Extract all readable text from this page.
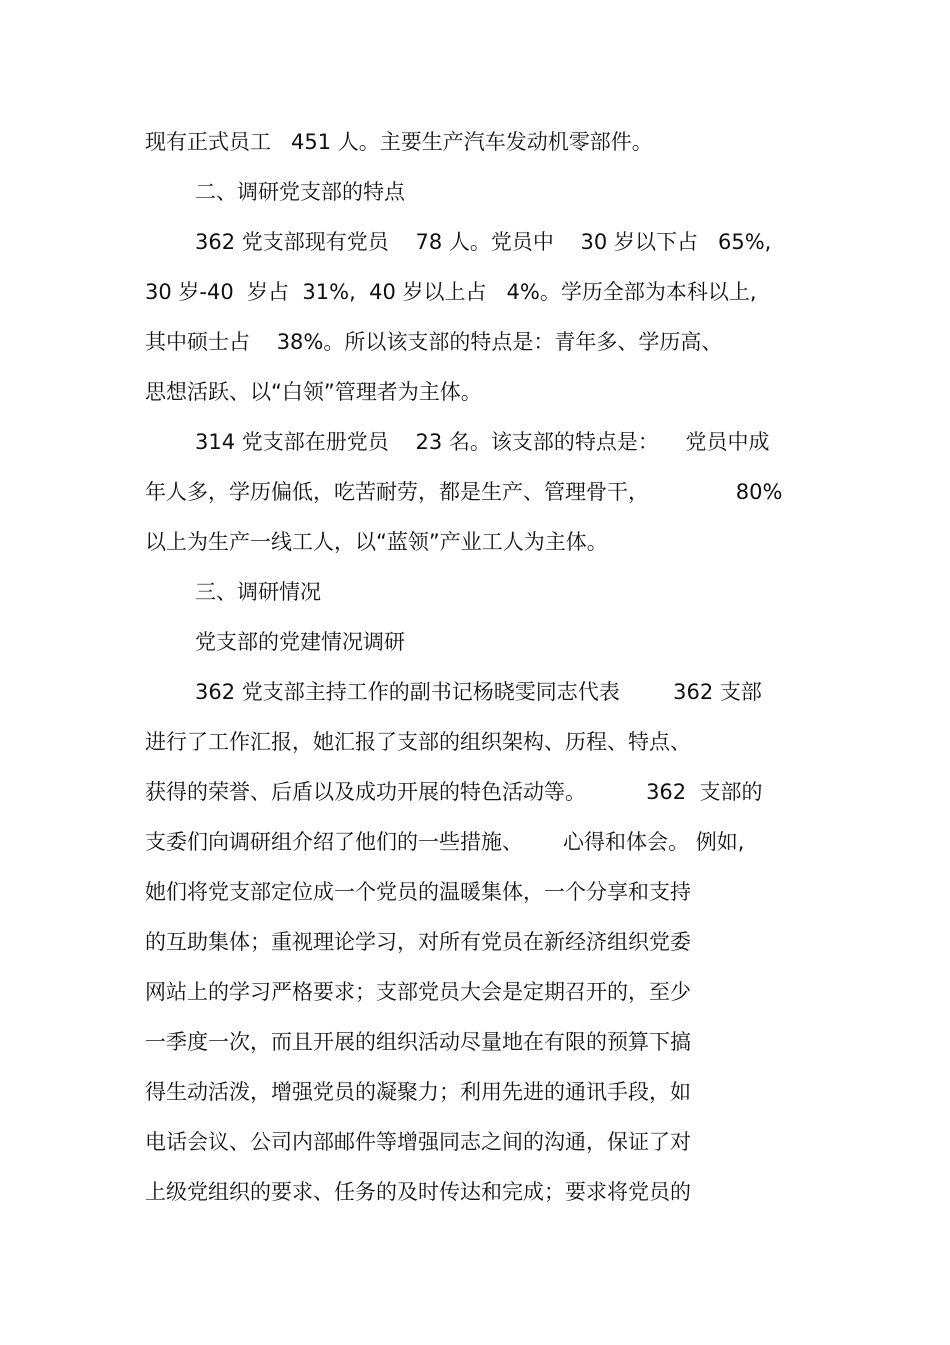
现有正式员工   451 人。主要生产汽车发动机零部件。
二、调研党支部的特点
362 党支部现有党员    78 人。党员中    30 岁以下占   65%,
30 岁-40  岁占  31%,  40 岁以上占   4%。学历全部为本科以上,
其中硕士占    38%。所以该支部的特点是：青年多、学历高、
思想活跃、以“白领”管理者为主体。
314 党支部在册党员    23 名。该支部的特点是：    党员中成
年人多，学历偏低，吃苦耐劳，都是生产、管理骨干，             80%
以上为生产一线工人，以“蓝领”产业工人为主体。
三、调研情况
党支部的党建情况调研
362 党支部主持工作的副书记杨晓雯同志代表        362 支部
进行了工作汇报，她汇报了支部的组织架构、历程、特点、
获得的荣誉、后盾以及成功开展的特色活动等。         362  支部的
支委们向调研组介绍了他们的一些措施、      心得和体会。 例如,
她们将党支部定位成一个党员的温暖集体，一个分享和支持
的互助集体；重视理论学习，对所有党员在新经济组织党委
网站上的学习严格要求；支部党员大会是定期召开的，至少
一季度一次，而且开展的组织活动尽量地在有限的预算下搞
得生动活泼，增强党员的凝聚力；利用先进的通讯手段，如
电话会议、公司内部邮件等增强同志之间的沟通，保证了对
上级党组织的要求、任务的及时传达和完成；要求将党员的
